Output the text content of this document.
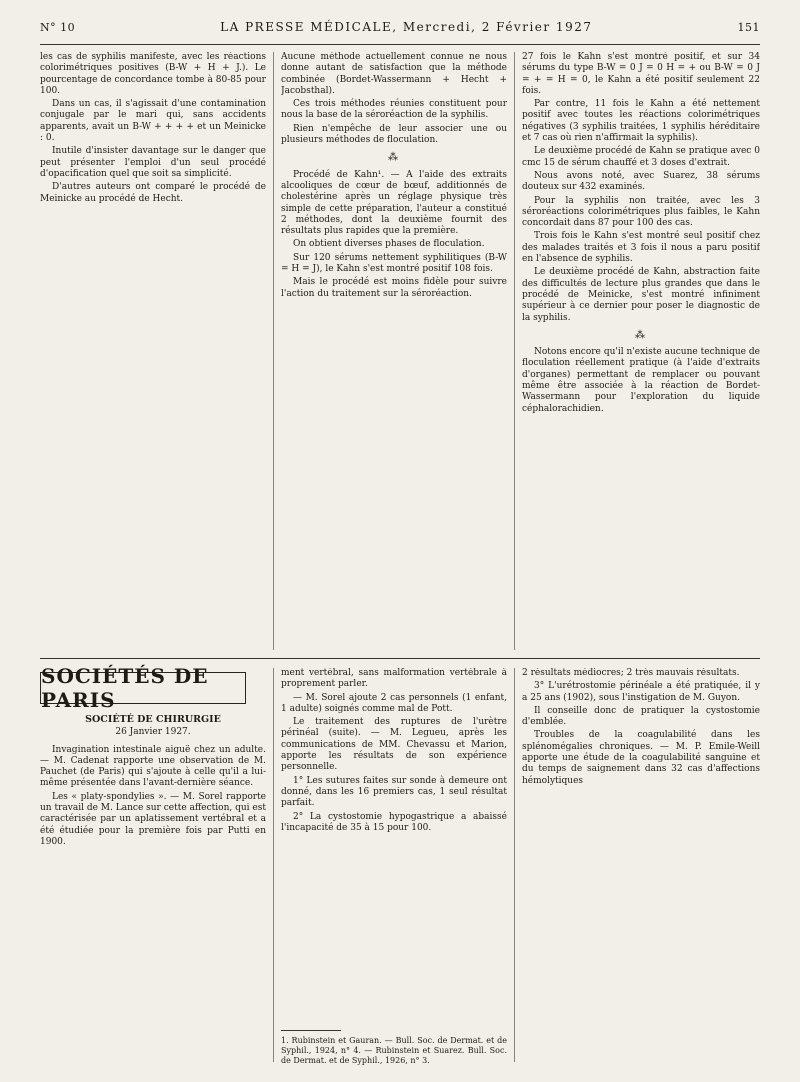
N° 10	LA PRESSE MÉDICALE, Mercredi, 2 Février 1927	151

les cas de syphilis manifeste, avec les réactions colorimétriques positives (B-W + H + J.). Le pourcentage de concordance tombe à 80-85 pour 100.

Dans un cas, il s'agissait d'une contamination conjugale par le mari qui, sans accidents apparents, avait un B-W + + + + et un Meinicke : 0.

Inutile d'insister davantage sur le danger que peut présenter l'emploi d'un seul procédé d'opacification quel que soit sa simplicité.

D'autres auteurs ont comparé le procédé de Meinicke au procédé de Hecht.

Aucune méthode actuellement connue ne nous donne autant de satisfaction que la méthode combinée (Bordet-Wassermann + Hecht + Jacobsthal).

Ces trois méthodes réunies constituent pour nous la base de la séroréaction de la syphilis.

Rien n'empêche de leur associer une ou plusieurs méthodes de floculation.

⁂

Procédé de Kahn¹. — A l'aide des extraits alcooliques de cœur de bœuf, additionnés de cholestérine après un réglage physique très simple de cette préparation, l'auteur a constitué 2 méthodes, dont la deuxième fournit des résultats plus rapides que la première.

On obtient diverses phases de floculation.

Sur 120 sérums nettement syphilitiques (B-W = H = J), le Kahn s'est montré positif 108 fois.

Mais le procédé est moins fidèle pour suivre l'action du traitement sur la séroréaction.

27 fois le Kahn s'est montré positif, et sur 34 sérums du type B-W = 0 J = 0 H = + ou B-W = 0 J = + = H = 0, le Kahn a été positif seulement 22 fois.

Par contre, 11 fois le Kahn a été nettement positif avec toutes les réactions colorimétriques négatives (3 syphilis traitées, 1 syphilis héréditaire et 7 cas où rien n'affirmait la syphilis).

Le deuxième procédé de Kahn se pratique avec 0 cmc 15 de sérum chauffé et 3 doses d'extrait.

Nous avons noté, avec Suarez, 38 sérums douteux sur 432 examinés.

Pour la syphilis non traitée, avec les 3 séroréactions colorimétriques plus faibles, le Kahn concordait dans 87 pour 100 des cas.

Trois fois le Kahn s'est montré seul positif chez des malades traités et 3 fois il nous a paru positif en l'absence de syphilis.

Le deuxième procédé de Kahn, abstraction faite des difficultés de lecture plus grandes que dans le procédé de Meinicke, s'est montré infiniment supérieur à ce dernier pour poser le diagnostic de la syphilis.

⁂

Notons encore qu'il n'existe aucune technique de floculation réellement pratique (à l'aide d'extraits d'organes) permettant de remplacer ou pouvant même être associée à la réaction de Bordet-Wassermann pour l'exploration du liquide céphalorachidien.

SOCIÉTÉS DE PARIS
SOCIÉTÉ DE CHIRURGIE
26 Janvier 1927.

Invagination intestinale aiguë chez un adulte. — M. Cadenat rapporte une observation de M. Pauchet (de Paris) qui s'ajoute à celle qu'il a lui-même présentée dans l'avant-dernière séance.

Les « platy-spondylies ». — M. Sorel rapporte un travail de M. Lance sur cette affection, qui est caractérisée par un aplatissement vertébral et a été étudiée pour la première fois par Putti en 1900.

ment vertébral, sans malformation vertébrale à proprement parler.

— M. Sorel ajoute 2 cas personnels (1 enfant, 1 adulte) soignés comme mal de Pott.

Le traitement des ruptures de l'urètre périnéal (suite). — M. Legueu, après les communications de MM. Chevassu et Marion, apporte les résultats de son expérience personnelle.

1° Les sutures faites sur sonde à demeure ont donné, dans les 16 premiers cas, 1 seul résultat parfait.

2° La cystostomie hypogastrique a abaissé l'incapacité de 35 à 15 pour 100.

1. Rubinstein et Gauran. — Bull. Soc. de Dermat. et de Syphil., 1924, n° 4. — Rubinstein et Suarez. Bull. Soc. de Dermat. et de Syphil., 1926, n° 3.

2 résultats médiocres; 2 très mauvais résultats.

3° L'urétrostomie périnéale a été pratiquée, il y a 25 ans (1902), sous l'instigation de M. Guyon.

Il conseille donc de pratiquer la cystostomie d'emblée.

Troubles de la coagulabilité dans les splénomégalies chroniques. — M. P. Emile-Weill apporte une étude de la coagulabilité sanguine et du temps de saignement dans 32 cas d'affections hémolytiques
